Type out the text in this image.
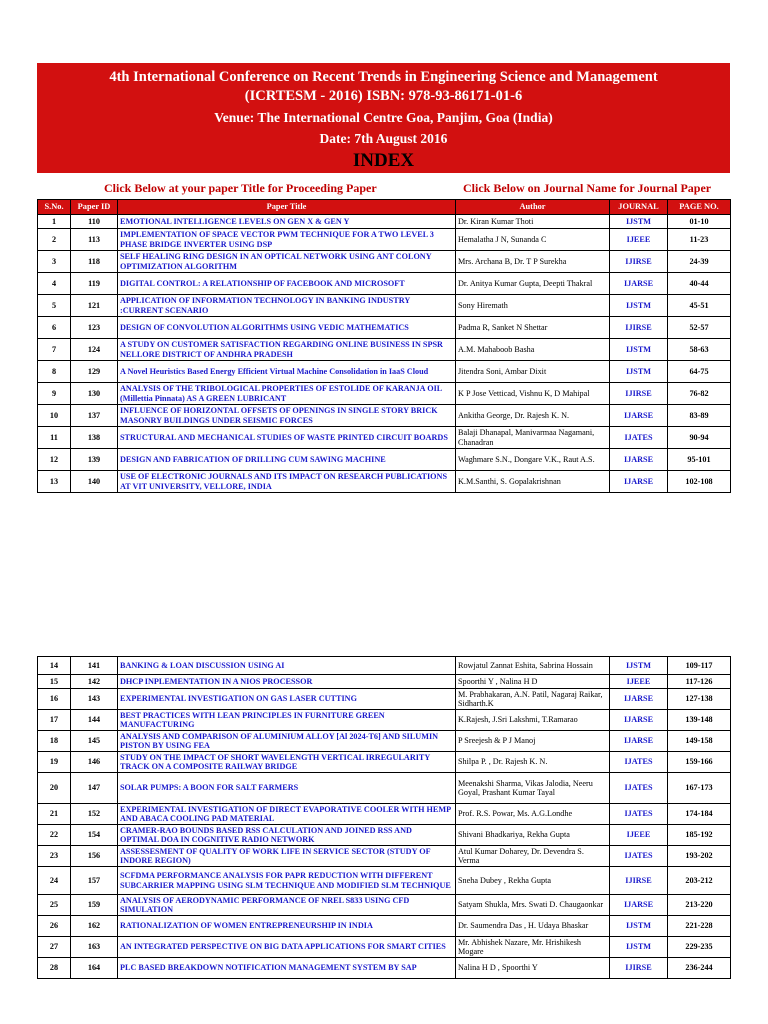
4th International Conference on Recent Trends in Engineering Science and Management
(ICRTESM - 2016) ISBN: 978-93-86171-01-6
Venue: The International Centre Goa, Panjim, Goa (India)
Date: 7th August 2016
INDEX
Click Below at your paper Title for Proceeding Paper	Click Below on Journal Name for Journal Paper
S.No.	Paper ID	Paper Title	Author	JOURNAL	PAGE NO.
1	110	EMOTIONAL INTELLIGENCE LEVELS ON GEN X & GEN Y	Dr. Kiran Kumar Thoti	IJSTM	01-10
2	113	IMPLEMENTATION OF SPACE VECTOR PWM TECHNIQUE FOR A TWO LEVEL 3 PHASE BRIDGE INVERTER USING DSP	Hemalatha J N, Sunanda C	IJEEE	11-23
3	118	SELF HEALING RING DESIGN IN AN OPTICAL NETWORK USING ANT COLONY OPTIMIZATION ALGORITHM	Mrs. Archana B, Dr. T P Surekha	IJIRSE	24-39
4	119	DIGITAL CONTROL: A RELATIONSHIP OF FACEBOOK AND MICROSOFT	Dr. Anitya Kumar Gupta, Deepti Thakral	IJARSE	40-44
5	121	APPLICATION OF INFORMATION TECHNOLOGY IN BANKING INDUSTRY :CURRENT SCENARIO	Sony Hiremath	IJSTM	45-51
6	123	DESIGN OF CONVOLUTION ALGORITHMS USING VEDIC MATHEMATICS	Padma R, Sanket N Shettar	IJIRSE	52-57
7	124	A STUDY ON CUSTOMER SATISFACTION REGARDING ONLINE BUSINESS IN SPSR NELLORE DISTRICT OF ANDHRA PRADESH	A.M. Mahaboob Basha	IJSTM	58-63
8	129	A Novel Heuristics Based Energy Efficient Virtual Machine Consolidation in IaaS Cloud	Jitendra Soni, Ambar Dixit	IJSTM	64-75
9	130	ANALYSIS OF THE TRIBOLOGICAL PROPERTIES OF ESTOLIDE OF KARANJA OIL (Millettia Pinnata) AS A GREEN LUBRICANT	K P Jose Vetticad, Vishnu K, D Mahipal	IJIRSE	76-82
10	137	INFLUENCE OF HORIZONTAL OFFSETS OF OPENINGS IN SINGLE STORY BRICK MASONRY BUILDINGS UNDER SEISMIC FORCES	Ankitha George, Dr. Rajesh K. N.	IJARSE	83-89
11	138	STRUCTURAL AND MECHANICAL STUDIES OF WASTE PRINTED CIRCUIT BOARDS	Balaji Dhanapal, Manivarmaa Nagamani, Chanadran	IJATES	90-94
12	139	DESIGN AND FABRICATION OF DRILLING CUM SAWING MACHINE	Waghmare S.N., Dongare V.K., Raut A.S.	IJARSE	95-101
13	140	USE OF ELECTRONIC JOURNALS AND ITS IMPACT ON RESEARCH PUBLICATIONS AT VIT UNIVERSITY, VELLORE, INDIA	K.M.Santhi, S. Gopalakrishnan	IJARSE	102-108
14	141	BANKING & LOAN DISCUSSION USING AI	Rowjatul Zannat Eshita, Sabrina Hossain	IJSTM	109-117
15	142	DHCP INPLEMENTATION IN A NIOS PROCESSOR	Spoorthi Y , Nalina H D	IJEEE	117-126
16	143	EXPERIMENTAL INVESTIGATION ON GAS LASER CUTTING	M. Prabhakaran, A.N. Patil, Nagaraj Raikar, Sidharth.K	IJARSE	127-138
17	144	BEST PRACTICES WITH LEAN PRINCIPLES IN FURNITURE GREEN MANUFACTURING	K.Rajesh, J.Sri Lakshmi, T.Ramarao	IJARSE	139-148
18	145	ANALYSIS AND COMPARISON OF ALUMINIUM ALLOY [Al 2024-T6] AND SILUMIN PISTON BY USING FEA	P Sreejesh & P J Manoj	IJARSE	149-158
19	146	STUDY ON THE IMPACT OF SHORT WAVELENGTH VERTICAL IRREGULARITY TRACK ON A COMPOSITE RAILWAY BRIDGE	Shilpa P. , Dr. Rajesh K. N.	IJATES	159-166
20	147	SOLAR PUMPS: A BOON FOR SALT FARMERS	Meenakshi Sharma, Vikas Jalodia, Neeru Goyal, Prashant Kumar Tayal	IJATES	167-173
21	152	EXPERIMENTAL INVESTIGATION OF DIRECT EVAPORATIVE COOLER WITH HEMP AND ABACA COOLING PAD MATERIAL	Prof. R.S. Powar, Ms. A.G.Londhe	IJATES	174-184
22	154	CRAMER-RAO BOUNDS BASED RSS CALCULATION AND JOINED RSS AND OPTIMAL DOA IN COGNITIVE RADIO NETWORK	Shivani Bhadkariya, Rekha Gupta	IJEEE	185-192
23	156	ASSESSESMENT OF QUALITY OF WORK LIFE IN SERVICE SECTOR (STUDY OF INDORE REGION)	Atul Kumar Doharey, Dr. Devendra S. Verma	IJATES	193-202
24	157	SCFDMA PERFORMANCE ANALYSIS FOR PAPR REDUCTION WITH DIFFERENT SUBCARRIER MAPPING USING SLM TECHNIQUE AND MODIFIED SLM TECHNIQUE	Sneha Dubey , Rekha Gupta	IJIRSE	203-212
25	159	ANALYSIS OF AERODYNAMIC PERFORMANCE OF NREL S833 USING CFD SIMULATION	Satyam Shukla, Mrs. Swati D. Chaugaonkar	IJARSE	213-220
26	162	RATIONALIZATION OF WOMEN ENTREPRENEURSHIP IN INDIA	Dr. Saumendra Das , H. Udaya Bhaskar	IJSTM	221-228
27	163	AN INTEGRATED PERSPECTIVE ON BIG DATA APPLICATIONS FOR SMART CITIES	Mr. Abhishek Nazare, Mr. Hrishikesh Mogare	IJSTM	229-235
28	164	PLC BASED BREAKDOWN NOTIFICATION MANAGEMENT SYSTEM BY SAP	Nalina H D , Spoorthi Y	IJIRSE	236-244
